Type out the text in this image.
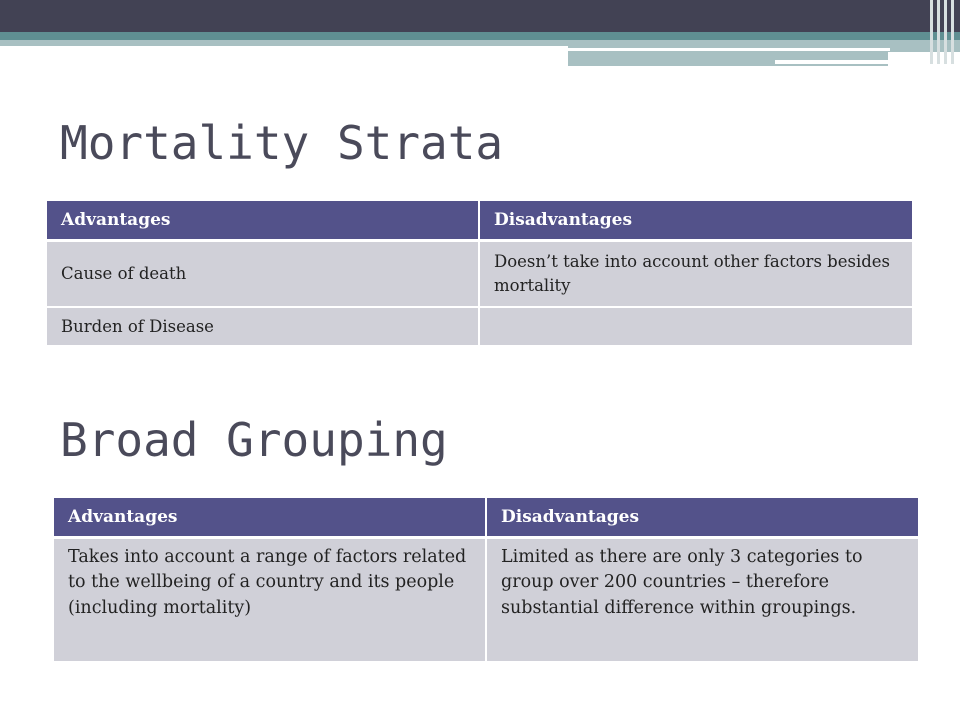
Mortality Strata
Advantages	Disadvantages
Cause of death	Doesn’t take into account other factors besides mortality
Burden of Disease	
Broad Grouping
Advantages	Disadvantages
Takes into account a range of factors related to the wellbeing of a country and its people (including mortality)	Limited as there are only 3 categories to group over 200 countries – therefore substantial difference within groupings.
